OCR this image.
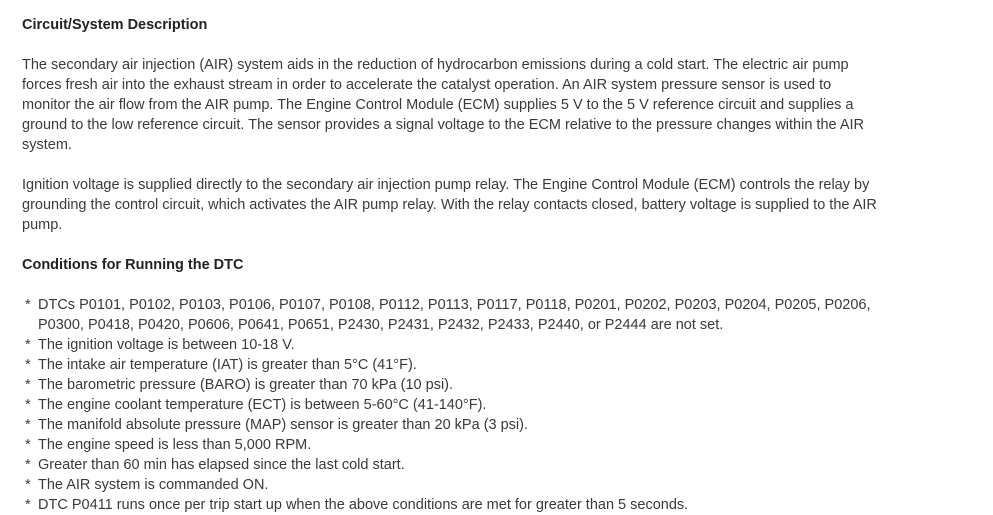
Circuit/System Description

The secondary air injection (AIR) system aids in the reduction of hydrocarbon emissions during a cold start. The electric air pump forces fresh air into the exhaust stream in order to accelerate the catalyst operation. An AIR system pressure sensor is used to monitor the air flow from the AIR pump. The Engine Control Module (ECM) supplies 5 V to the 5 V reference circuit and supplies a ground to the low reference circuit. The sensor provides a signal voltage to the ECM relative to the pressure changes within the AIR system.

Ignition voltage is supplied directly to the secondary air injection pump relay. The Engine Control Module (ECM) controls the relay by grounding the control circuit, which activates the AIR pump relay. With the relay contacts closed, battery voltage is supplied to the AIR pump.

Conditions for Running the DTC
* DTCs P0101, P0102, P0103, P0106, P0107, P0108, P0112, P0113, P0117, P0118, P0201, P0202, P0203, P0204, P0205, P0206, P0300, P0418, P0420, P0606, P0641, P0651, P2430, P2431, P2432, P2433, P2440, or P2444 are not set.
* The ignition voltage is between 10-18 V.
* The intake air temperature (IAT) is greater than 5°C (41°F).
* The barometric pressure (BARO) is greater than 70 kPa (10 psi).
* The engine coolant temperature (ECT) is between 5-60°C (41-140°F).
* The manifold absolute pressure (MAP) sensor is greater than 20 kPa (3 psi).
* The engine speed is less than 5,000 RPM.
* Greater than 60 min has elapsed since the last cold start.
* The AIR system is commanded ON.
* DTC P0411 runs once per trip start up when the above conditions are met for greater than 5 seconds.
